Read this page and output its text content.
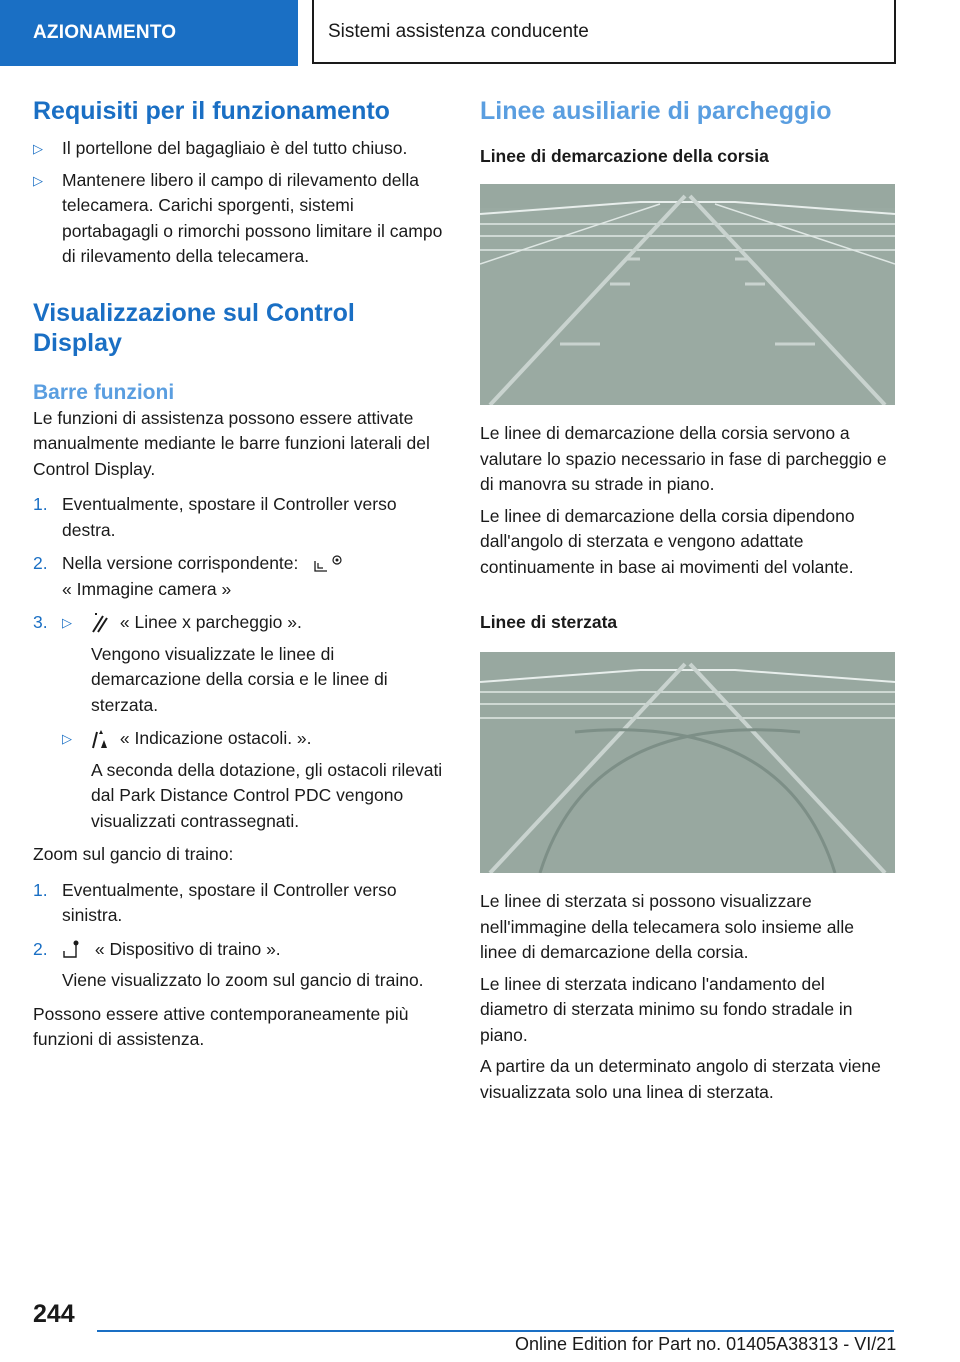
AZIONAMENTO	Sistemi assistenza conducente
Requisiti per il funzionamento
▷	Il portellone del bagagliaio è del tutto chiuso.
▷	Mantenere libero il campo di rilevamento della telecamera. Carichi sporgenti, sistemi portabagagli o rimorchi possono limitare il campo di rilevamento della telecamera.
Visualizzazione sul Control Display
Barre funzioni

Le funzioni di assistenza possono essere attivate manualmente mediante le barre funzioni laterali del Control Display.

1. Eventualmente, spostare il Controller verso destra.
2. Nella versione corrispondente:
« Immagine camera »
3.	▷	« Linee x parcheggio ».

Vengono visualizzate le linee di demarcazione della corsia e le linee di sterzata.

▷	« Indicazione ostacoli. ».

A seconda della dotazione, gli ostacoli rilevati dal Park Distance Control PDC vengono visualizzati contrassegnati.

Zoom sul gancio di traino:

1. Eventualmente, spostare il Controller verso sinistra.
2.	« Dispositivo di traino ».

Viene visualizzato lo zoom sul gancio di traino.

Possono essere attive contemporaneamente più funzioni di assistenza.

Linee ausiliarie di parcheggio
Linee di demarcazione della corsia

Le linee di demarcazione della corsia servono a valutare lo spazio necessario in fase di parcheggio e di manovra su strade in piano.

Le linee di demarcazione della corsia dipendono dall'angolo di sterzata e vengono adattate continuamente in base ai movimenti del volante.

Linee di sterzata

Le linee di sterzata si possono visualizzare nell'immagine della telecamera solo insieme alle linee di demarcazione della corsia.

Le linee di sterzata indicano l'andamento del diametro di sterzata minimo su fondo stradale in piano.

A partire da un determinato angolo di sterzata viene visualizzata solo una linea di sterzata.

244
Online Edition for Part no. 01405A38313 - VI/21
